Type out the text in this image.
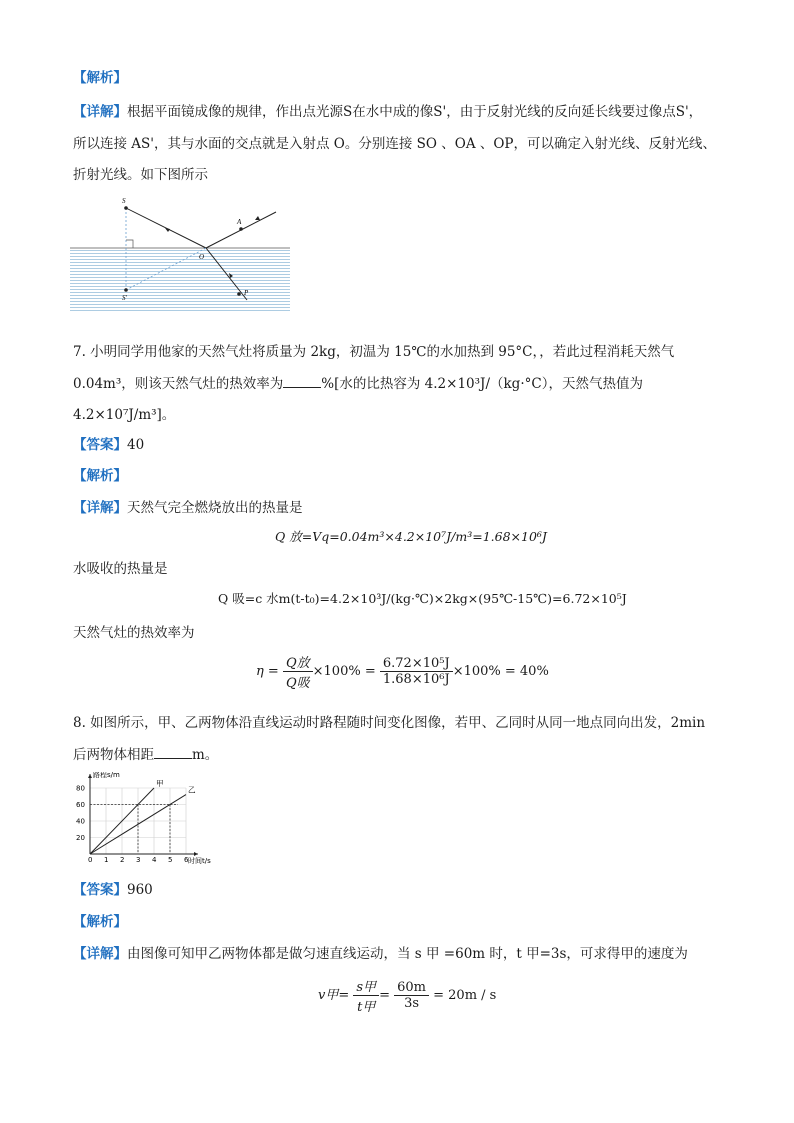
【解析】
【详解】根据平面镜成像的规律，作出点光源S在水中成的像S'，由于反射光线的反向延长线要过像点S'，
所以连接 AS'，其与水面的交点就是入射点 O。分别连接 SO 、OA 、OP，可以确定入射光线、反射光线、
折射光线。如下图所示
S
A
O
S'
P
7. 小明同学用他家的天然气灶将质量为 2kg，初温为 15℃的水加热到 95°C，，若此过程消耗天然气
0.04m³，则该天然气灶的热效率为	%[水的比热容为 4.2×10³J/（kg·°C），天然气热值为
4.2×10⁷J/m³]。
【答案】40
【解析】
【详解】天然气完全燃烧放出的热量是
Q 放=Vq=0.04m³×4.2×10⁷J/m³=1.68×10⁶J
水吸收的热量是
Q 吸=c 水m(t-t₀)=4.2×10³J/(kg·℃)×2kg×(95℃-15℃)=6.72×10⁵J
天然气灶的热效率为
$\eta = \frac{\text{Q放}}{\text{Q吸}} \times 100\% = \frac{\text{6.72×10⁵J}}{\text{1.68×10⁶J}} \times 100\% = 40\%$
8. 如图所示，甲、乙两物体沿直线运动时路程随时间变化图像，若甲、乙同时从同一地点同向出发，2min
后两物体相距	m。
甲
乙
0 1 2 3 4 5 6
20
40
60
80
路程s/m
时间t/s
【答案】960
【解析】
【详解】由图像可知甲乙两物体都是做匀速直线运动，当 s 甲 =60m 时，t 甲=3s，可求得甲的速度为
v甲= $\frac{\text{s甲}}{\text{t甲}} = \frac{60m}{3s} = 20m / s$
